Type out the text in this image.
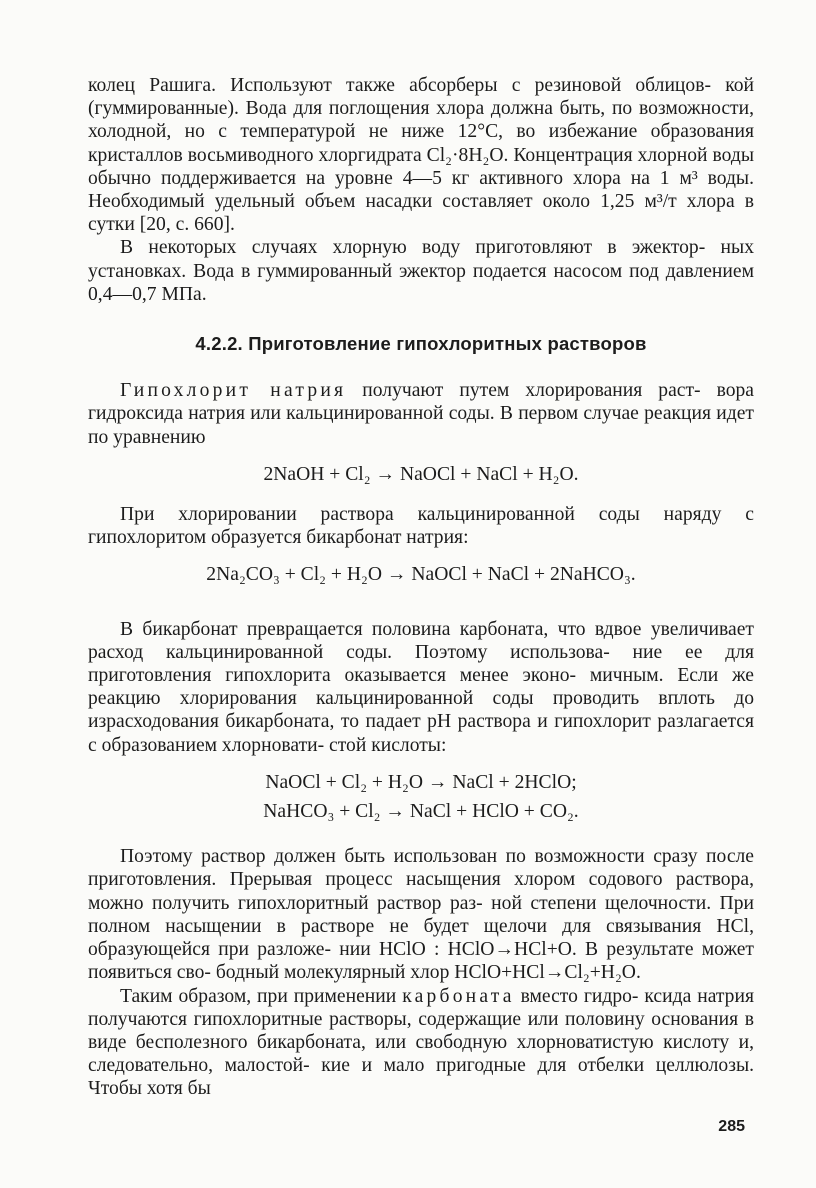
колец Рашига. Используют также абсорберы с резиновой облицов- кой (гуммированные). Вода для поглощения хлора должна быть, по возможности, холодной, но с температурой не ниже 12°С, во избежание образования кристаллов восьмиводного хлоргидрата Cl₂·8H₂O. Концентрация хлорной воды обычно поддерживается на уровне 4—5 кг активного хлора на 1 м³ воды. Необходимый удельный объем насадки составляет около 1,25 м³/т хлора в сутки [20, с. 660].

В некоторых случаях хлорную воду приготовляют в эжектор- ных установках. Вода в гуммированный эжектор подается насосом под давлением 0,4—0,7 МПа.

4.2.2. Приготовление гипохлоритных растворов

Гипохлорит натрия получают путем хлорирования раст- вора гидроксида натрия или кальцинированной соды. В первом случае реакция идет по уравнению

2NaOH + Cl₂ → NaOCl + NaCl + H₂O.

При хлорировании раствора кальцинированной соды наряду с гипохлоритом образуется бикарбонат натрия:

2Na₂CO₃ + Cl₂ + H₂O → NaOCl + NaCl + 2NaHCO₃.

В бикарбонат превращается половина карбоната, что вдвое увеличивает расход кальцинированной соды. Поэтому использова- ние ее для приготовления гипохлорита оказывается менее эконо- мичным. Если же реакцию хлорирования кальцинированной соды проводить вплоть до израсходования бикарбоната, то падает pH раствора и гипохлорит разлагается с образованием хлорновати- стой кислоты:

NaOCl + Cl₂ + H₂O → NaCl + 2HClO;
NaHCO₃ + Cl₂ → NaCl + HClO + CO₂.

Поэтому раствор должен быть использован по возможности сразу после приготовления. Прерывая процесс насыщения хлором содового раствора, можно получить гипохлоритный раствор раз- ной степени щелочности. При полном насыщении в растворе не будет щелочи для связывания HCl, образующейся при разложе- нии HClO : HClO→HCl+O. В результате может появиться сво- бодный молекулярный хлор HClO+HCl→Cl₂+H₂O.

Таким образом, при применении карбоната вместо гидро- ксида натрия получаются гипохлоритные растворы, содержащие или половину основания в виде бесполезного бикарбоната, или свободную хлорноватистую кислоту и, следовательно, малостой- кие и мало пригодные для отбелки целлюлозы. Чтобы хотя бы

285
